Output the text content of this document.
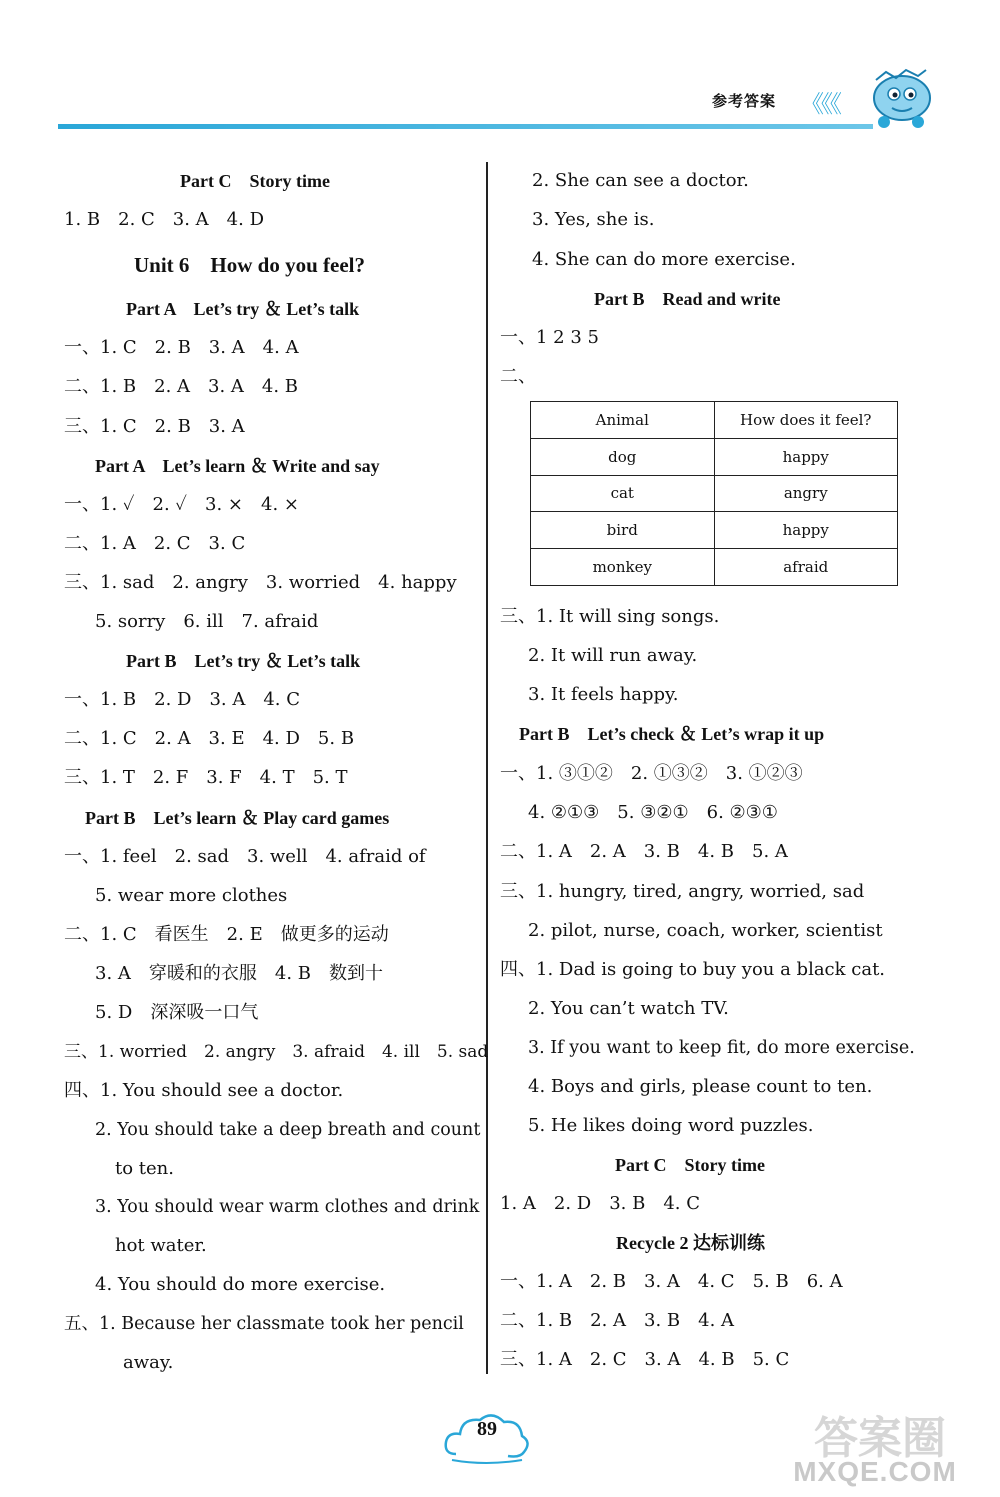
参考答案 《《《
Part C　Story time
1. B　2. C　3. A　4. D
Unit 6　How do you feel?
Part A　Let’s try ＆ Let’s talk
一、1. C　2. B　3. A　4. A
二、1. B　2. A　3. A　4. B
三、1. C　2. B　3. A
Part A　Let’s learn ＆ Write and say
一、1. ✓　2. ✓　3. ×　4. ×
二、1. A　2. C　3. C
三、1. sad　2. angry　3. worried　4. happy
5. sorry　6. ill　7. afraid
Part B　Let’s try ＆ Let’s talk
一、1. B　2. D　3. A　4. C
二、1. C　2. A　3. E　4. D　5. B
三、1. T　2. F　3. F　4. T　5. T
Part B　Let’s learn ＆ Play card games
一、1. feel　2. sad　3. well　4. afraid of
5. wear more clothes
二、1. C　看医生　2. E　做更多的运动
3. A　穿暖和的衣服　4. B　数到十
5. D　深深吸一口气
三、1. worried　2. angry　3. afraid　4. ill　5. sad
四、1. You should see a doctor.
2. You should take a deep breath and count
to ten.
3. You should wear warm clothes and drink
hot water.
4. You should do more exercise.
五、1. Because her classmate took her pencil
away.
2. She can see a doctor.
3. Yes, she is.
4. She can do more exercise.
Part B　Read and write
一、1 2 3 5
二、
Animal	How does it feel?
dog	happy
cat	angry
bird	happy
monkey	afraid
三、1. It will sing songs.
2. It will run away.
3. It feels happy.
Part B　Let’s check ＆ Let’s wrap it up
一、1. ③①②　2. ①③②　3. ①②③
4. ②①③　5. ③②①　6. ②③①
二、1. A　2. A　3. B　4. B　5. A
三、1. hungry, tired, angry, worried, sad
2. pilot, nurse, coach, worker, scientist
四、1. Dad is going to buy you a black cat.
2. You can’t watch TV.
3. If you want to keep fit, do more exercise.
4. Boys and girls, please count to ten.
5. He likes doing word puzzles.
Part C　Story time
1. A　2. D　3. B　4. C
Recycle 2 达标训练
一、1. A　2. B　3. A　4. C　5. B　6. A
二、1. B　2. A　3. B　4. A
三、1. A　2. C　3. A　4. B　5. C
89	答案圈
MXQE.COM
